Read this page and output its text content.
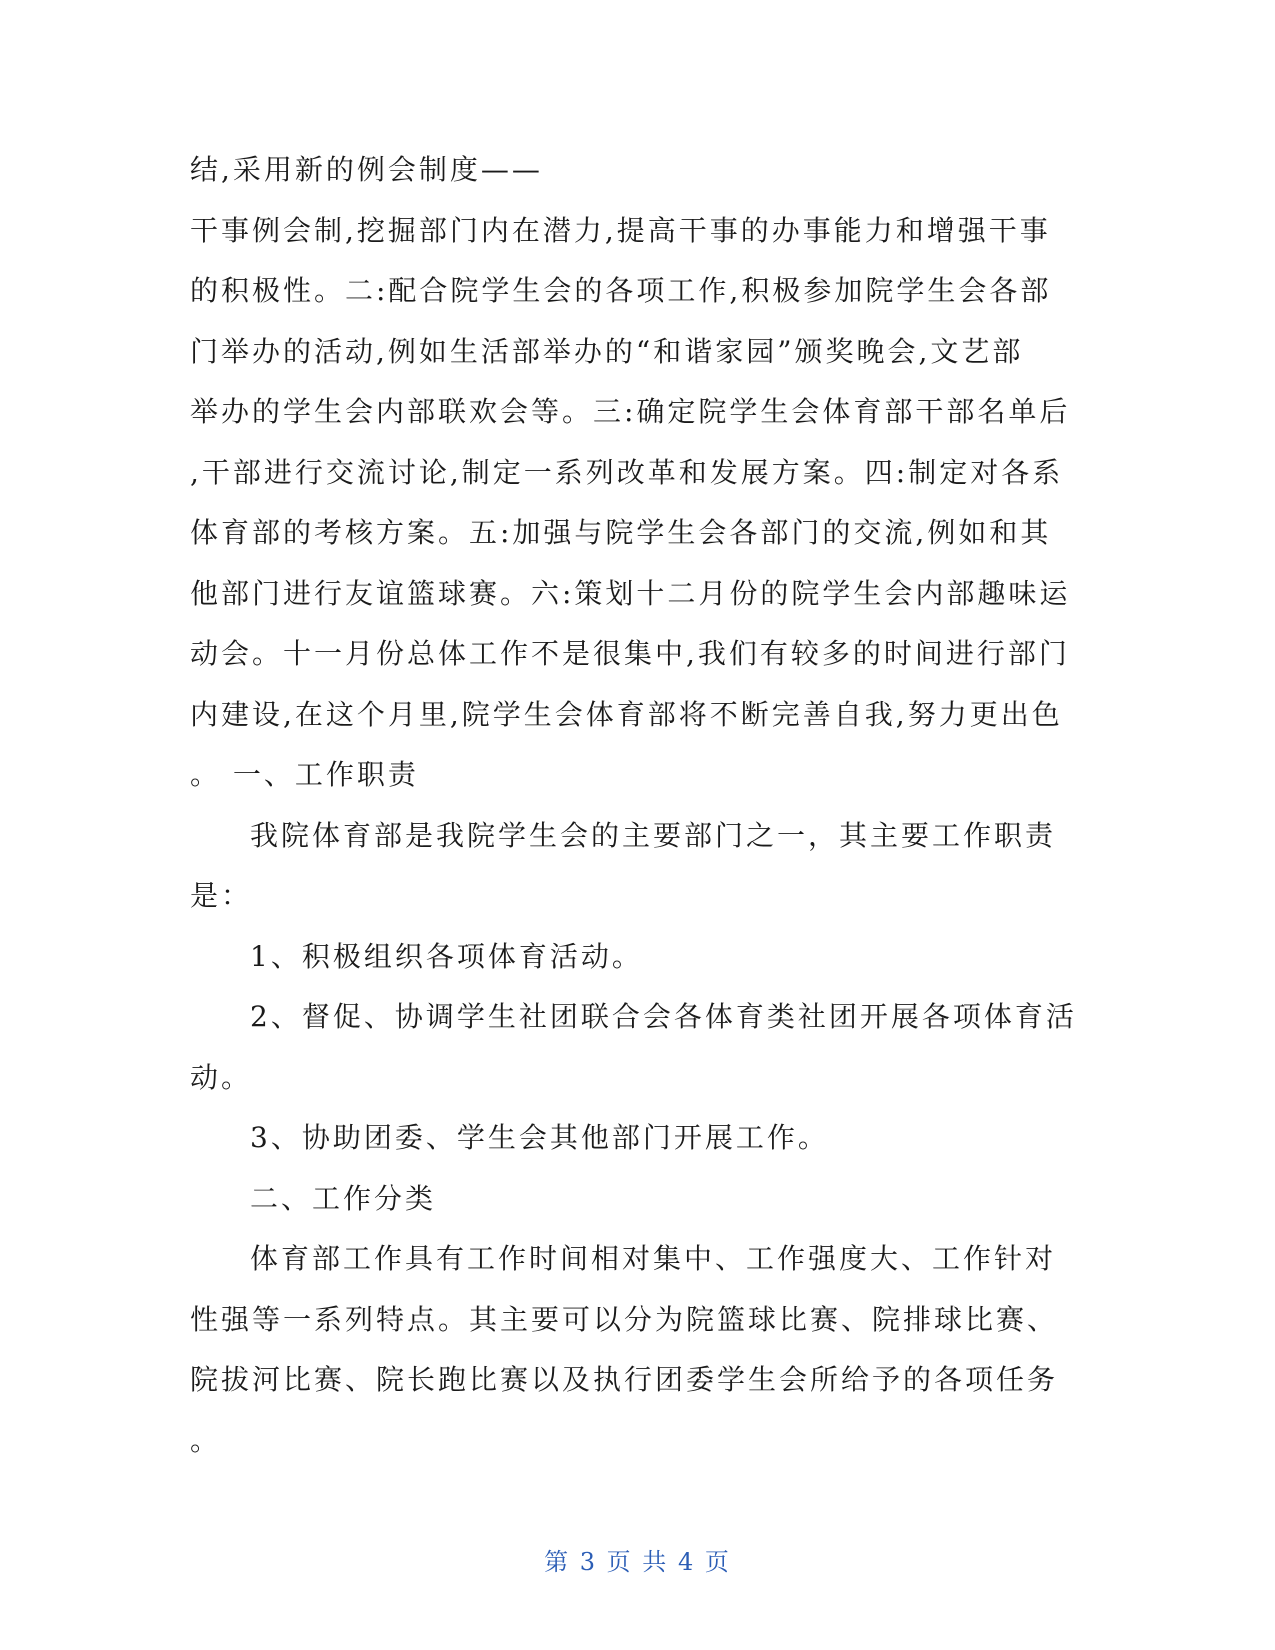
结,采用新的例会制度——
干事例会制,挖掘部门内在潜力,提高干事的办事能力和增强干事
的积极性。二:配合院学生会的各项工作,积极参加院学生会各部
门举办的活动,例如生活部举办的“和谐家园”颁奖晚会,文艺部
举办的学生会内部联欢会等。三:确定院学生会体育部干部名单后
,干部进行交流讨论,制定一系列改革和发展方案。四:制定对各系
体育部的考核方案。五:加强与院学生会各部门的交流,例如和其
他部门进行友谊篮球赛。六:策划十二月份的院学生会内部趣味运
动会。十一月份总体工作不是很集中,我们有较多的时间进行部门
内建设,在这个月里,院学生会体育部将不断完善自我,努力更出色
。 一、工作职责
我院体育部是我院学生会的主要部门之一，其主要工作职责
是：
1、积极组织各项体育活动。
2、督促、协调学生社团联合会各体育类社团开展各项体育活
动。
3、协助团委、学生会其他部门开展工作。
二、工作分类
体育部工作具有工作时间相对集中、工作强度大、工作针对
性强等一系列特点。其主要可以分为院篮球比赛、院排球比赛、
院拔河比赛、院长跑比赛以及执行团委学生会所给予的各项任务
。
第 3 页 共 4 页
